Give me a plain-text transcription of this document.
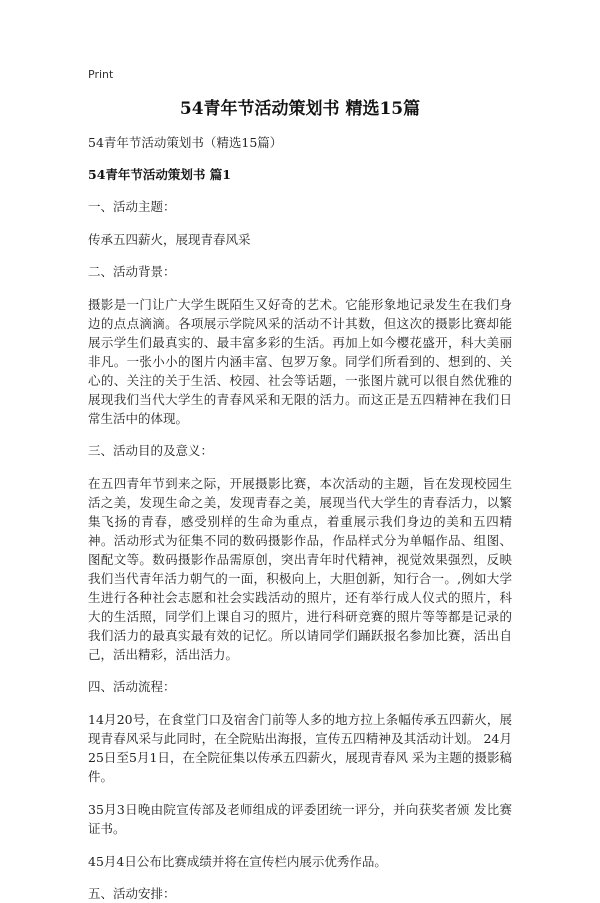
Print
54青年节活动策划书 精选15篇
54青年节活动策划书（精选15篇）
54青年节活动策划书 篇1
一、活动主题：
传承五四薪火，展现青春风采
二、活动背景：
摄影是一门让广大学生既陌生又好奇的艺术。它能形象地记录发生在我们身边的点点滴滴。各项展示学院风采的活动不计其数，但这次的摄影比赛却能展示学生们最真实的、最丰富多彩的生活。再加上如今樱花盛开，科大美丽非凡。一张小小的图片内涵丰富、包罗万象。同学们所看到的、想到的、关心的、关注的关于生活、校园、社会等话题，一张图片就可以很自然优雅的展现我们当代大学生的青春风采和无限的活力。而这正是五四精神在我们日常生活中的体现。
三、活动目的及意义：
在五四青年节到来之际，开展摄影比赛，本次活动的主题，旨在发现校园生活之美，发现生命之美，发现青春之美，展现当代大学生的青春活力，以繁集飞扬的青春，感受别样的生命为重点，着重展示我们身边的美和五四精神。活动形式为征集不同的数码摄影作品，作品样式分为单幅作品、组图、图配文等。数码摄影作品需原创，突出青年时代精神，视觉效果强烈，反映我们当代青年活力朝气的一面，积极向上，大胆创新，知行合一。,例如大学生进行各种社会志愿和社会实践活动的照片，还有举行成人仪式的照片，科大的生活照，同学们上课自习的照片，进行科研竞赛的照片等等都是记录的我们活力的最真实最有效的记忆。所以请同学们踊跃报名参加比赛，活出自己，活出精彩，活出活力。
四、活动流程：
14月20号，在食堂门口及宿舍门前等人多的地方拉上条幅传承五四薪火，展现青春风采与此同时，在全院贴出海报，宣传五四精神及其活动计划。 24月25日至5月1日，在全院征集以传承五四薪火，展现青春风 采为主题的摄影稿件。
35月3日晚由院宣传部及老师组成的评委团统一评分，并向获奖者颁 发比赛证书。
45月4日公布比赛成绩并将在宣传栏内展示优秀作品。
五、活动安排：
